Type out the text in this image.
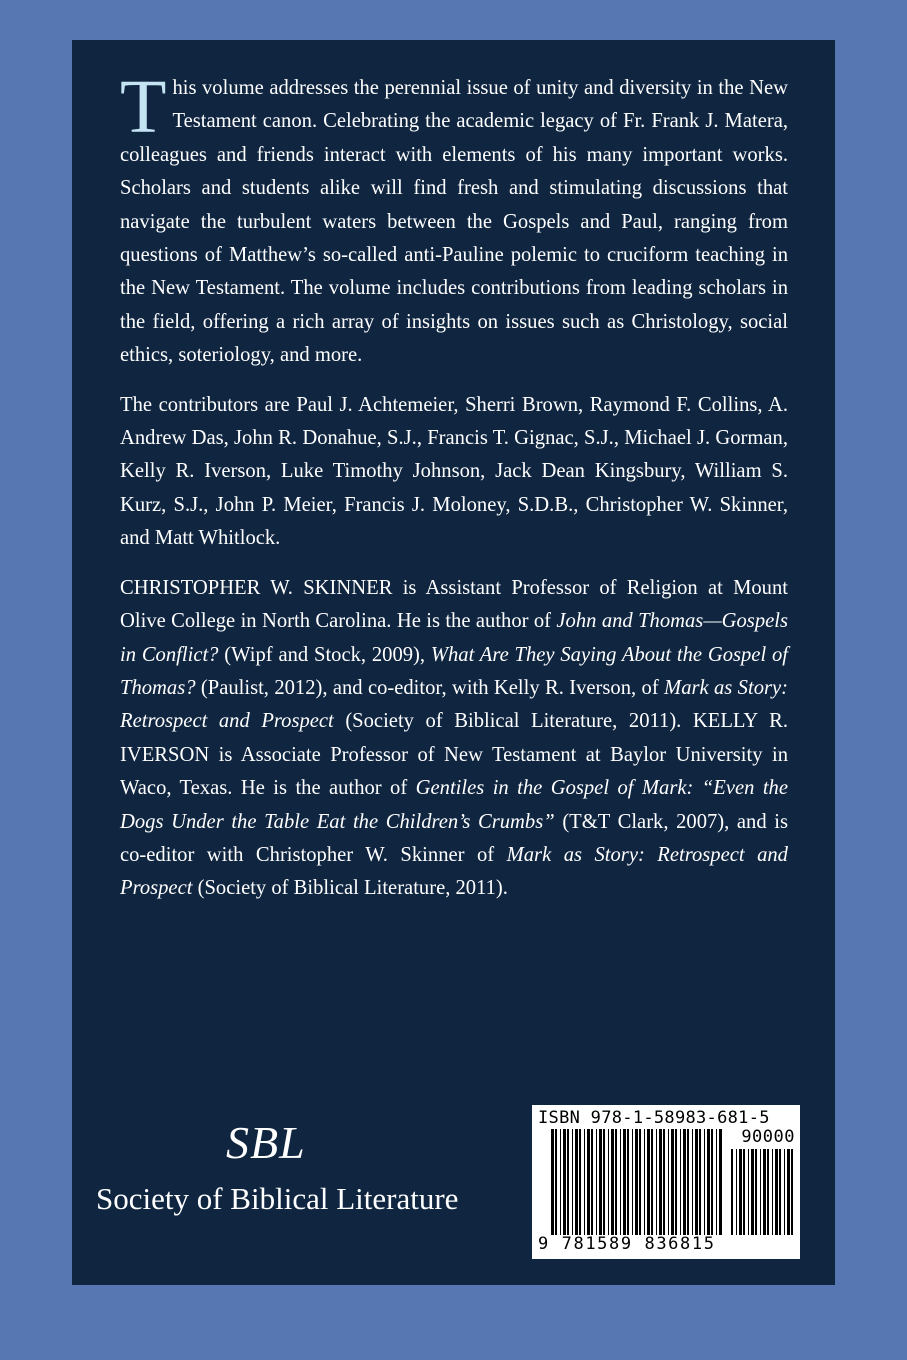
This volume addresses the perennial issue of unity and diversity in the New Testament canon. Celebrating the academic legacy of Fr. Frank J. Matera, colleagues and friends interact with elements of his many important works. Scholars and students alike will find fresh and stimulating discussions that navigate the turbulent waters between the Gospels and Paul, ranging from questions of Matthew’s so-called anti-Pauline polemic to cruciform teaching in the New Testament. The volume includes contributions from leading scholars in the field, offering a rich array of insights on issues such as Christology, social ethics, soteriology, and more.

The contributors are Paul J. Achtemeier, Sherri Brown, Raymond F. Collins, A. Andrew Das, John R. Donahue, S.J., Francis T. Gignac, S.J., Michael J. Gorman, Kelly R. Iverson, Luke Timothy Johnson, Jack Dean Kingsbury, William S. Kurz, S.J., John P. Meier, Francis J. Moloney, S.D.B., Christopher W. Skinner, and Matt Whitlock.

CHRISTOPHER W. SKINNER is Assistant Professor of Religion at Mount Olive College in North Carolina. He is the author of John and Thomas—Gospels in Conflict? (Wipf and Stock, 2009), What Are They Saying About the Gospel of Thomas? (Paulist, 2012), and co-editor, with Kelly R. Iverson, of Mark as Story: Retrospect and Prospect (Society of Biblical Literature, 2011). KELLY R. IVERSON is Associate Professor of New Testament at Baylor University in Waco, Texas. He is the author of Gentiles in the Gospel of Mark: “Even the Dogs Under the Table Eat the Children’s Crumbs” (T&T Clark, 2007), and is co-editor with Christopher W. Skinner of Mark as Story: Retrospect and Prospect (Society of Biblical Literature, 2011).

SBL
Society of Biblical Literature
ISBN 978-1-58983-681-5
90000
9 781589 836815
